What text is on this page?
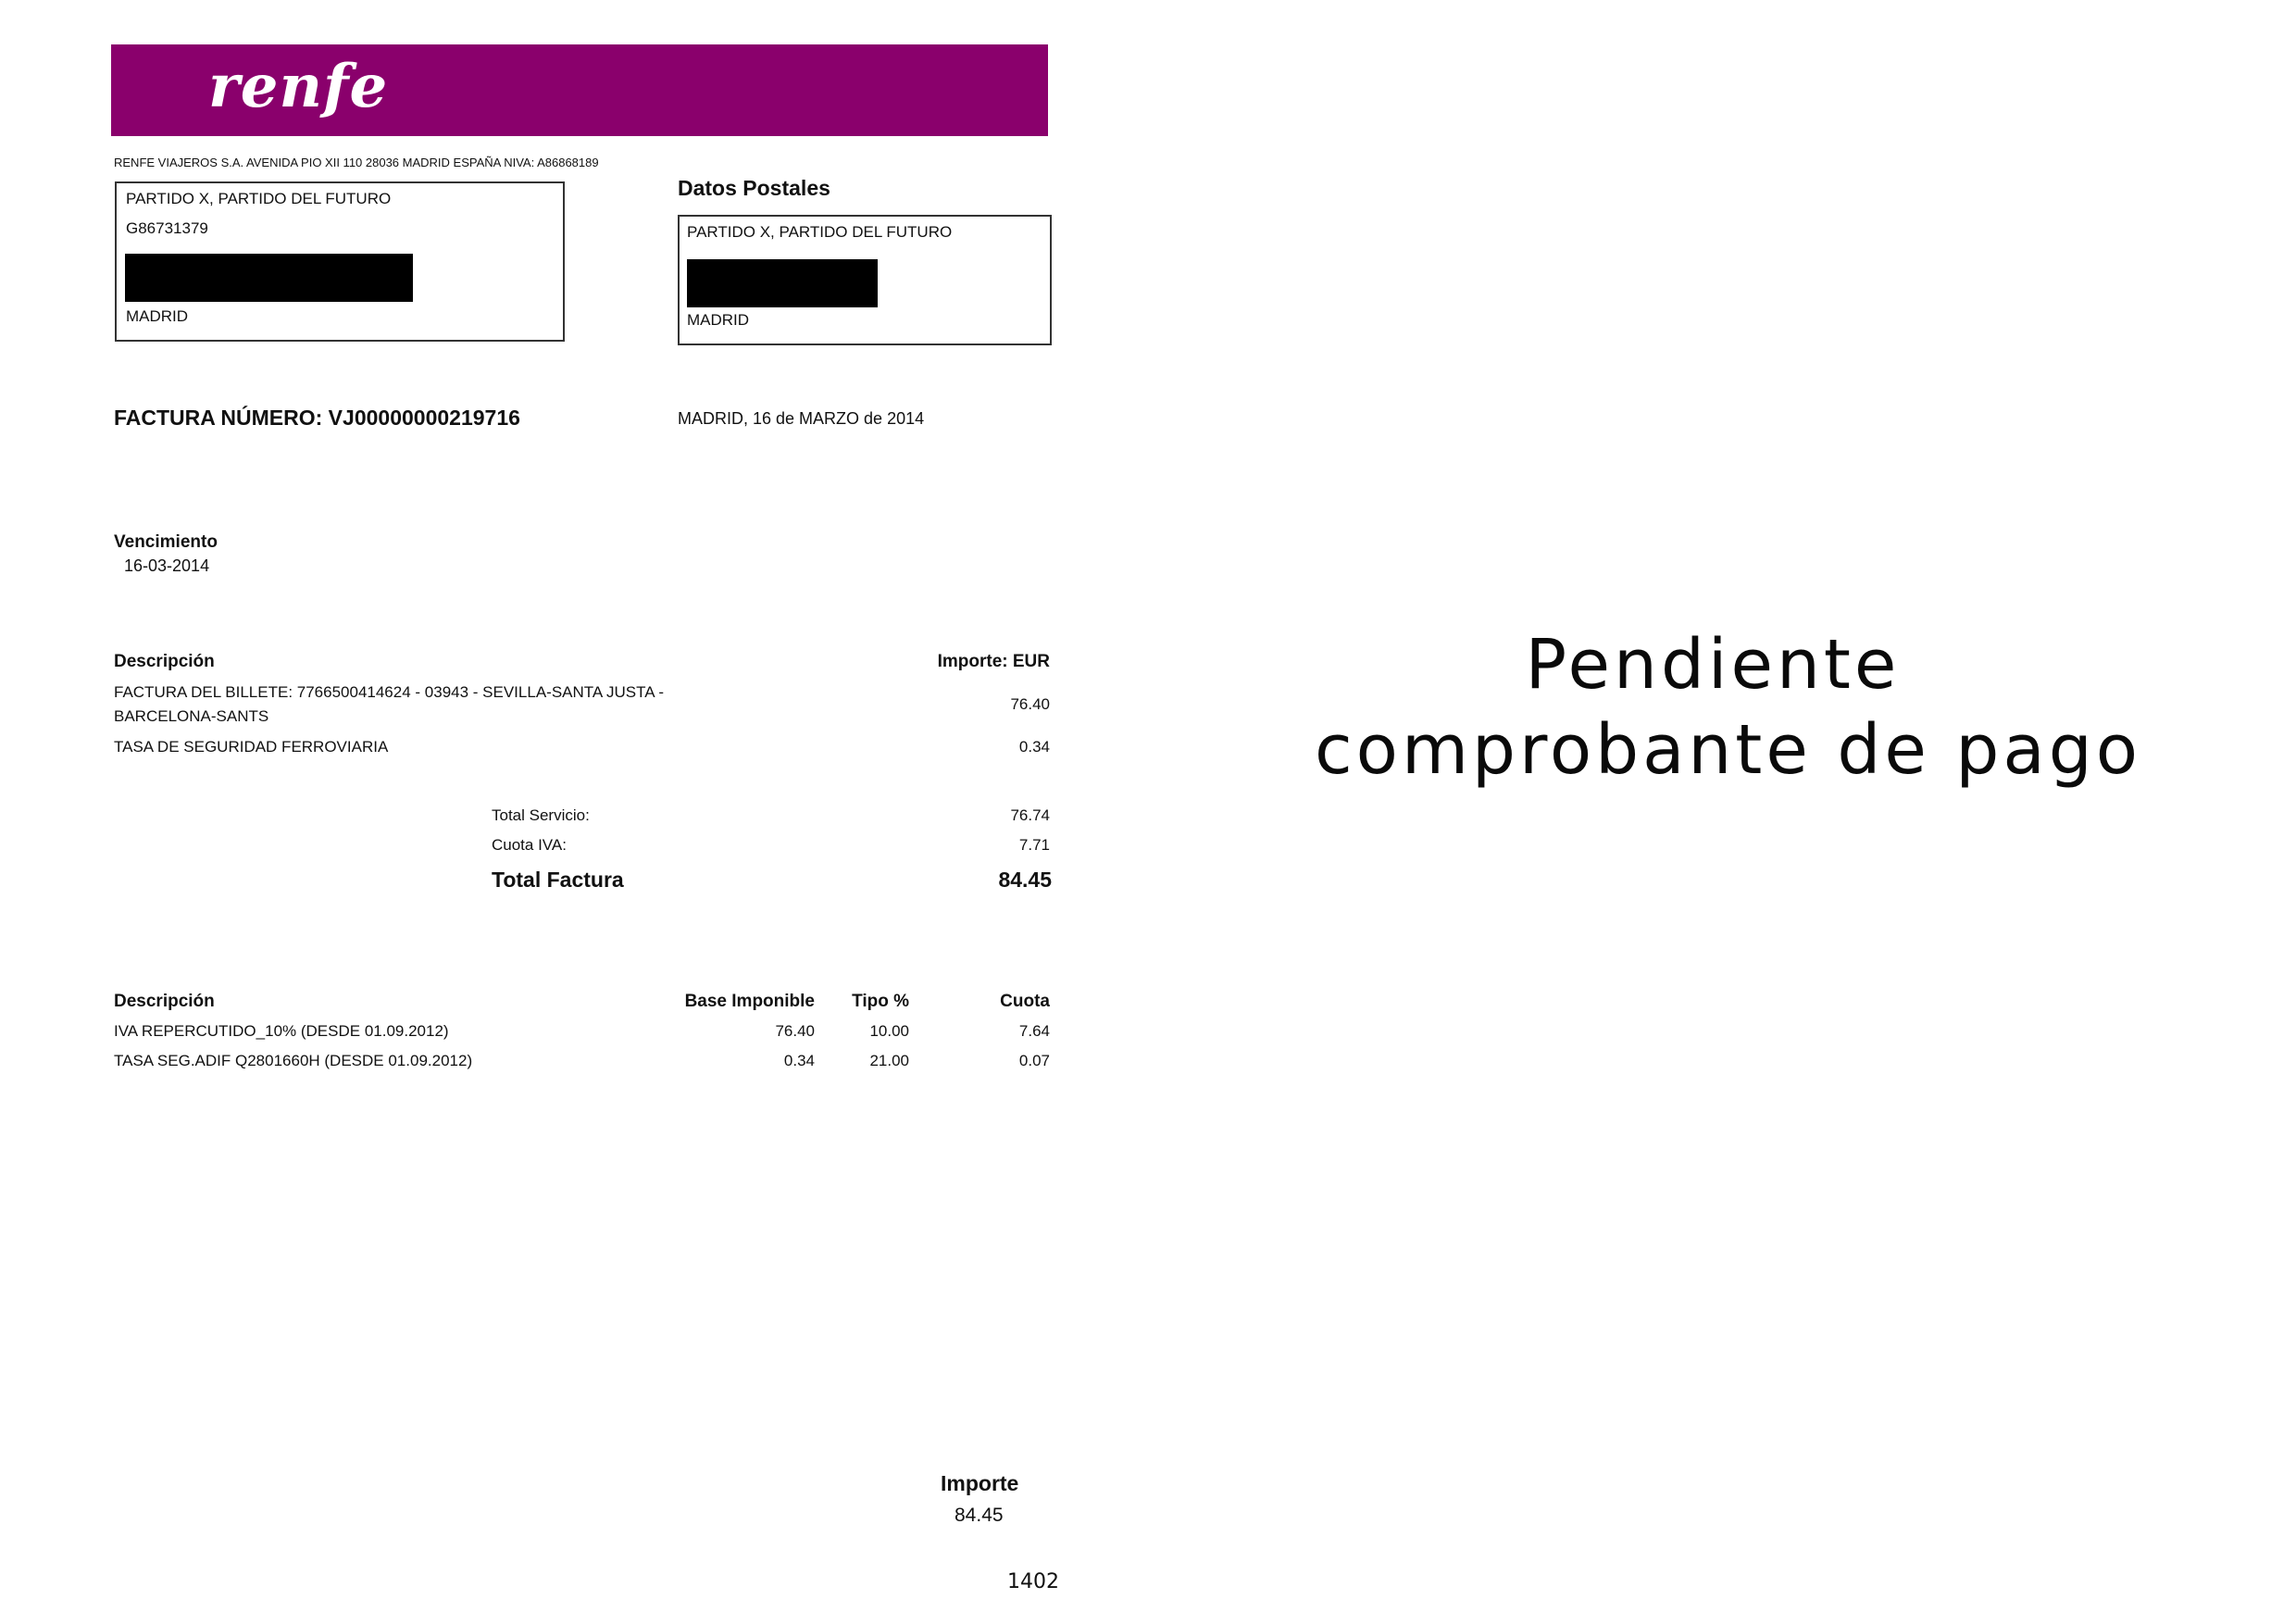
renfe
RENFE VIAJEROS S.A. AVENIDA PIO XII 110 28036 MADRID ESPAÑA NIVA: A86868189
PARTIDO X, PARTIDO DEL FUTURO
G86731379
MADRID
Datos Postales
PARTIDO X, PARTIDO DEL FUTURO
MADRID
FACTURA NÚMERO: VJ00000000219716	MADRID, 16 de MARZO de 2014
Vencimiento
16-03-2014
Descripción	Importe: EUR
FACTURA DEL BILLETE: 7766500414624 - 03943 - SEVILLA-SANTA JUSTA -
BARCELONA-SANTS
76.40
TASA DE SEGURIDAD FERROVIARIA	0.34
Total Servicio:	76.74
Cuota IVA:	7.71
Total Factura	84.45
Descripción	Base Imponible	Tipo %	Cuota
IVA REPERCUTIDO_10% (DESDE 01.09.2012)	76.40	10.00	7.64
TASA SEG.ADIF Q2801660H (DESDE 01.09.2012)	0.34	21.00	0.07
Importe
84.45
Pendiente
comprobante de pago
1402
